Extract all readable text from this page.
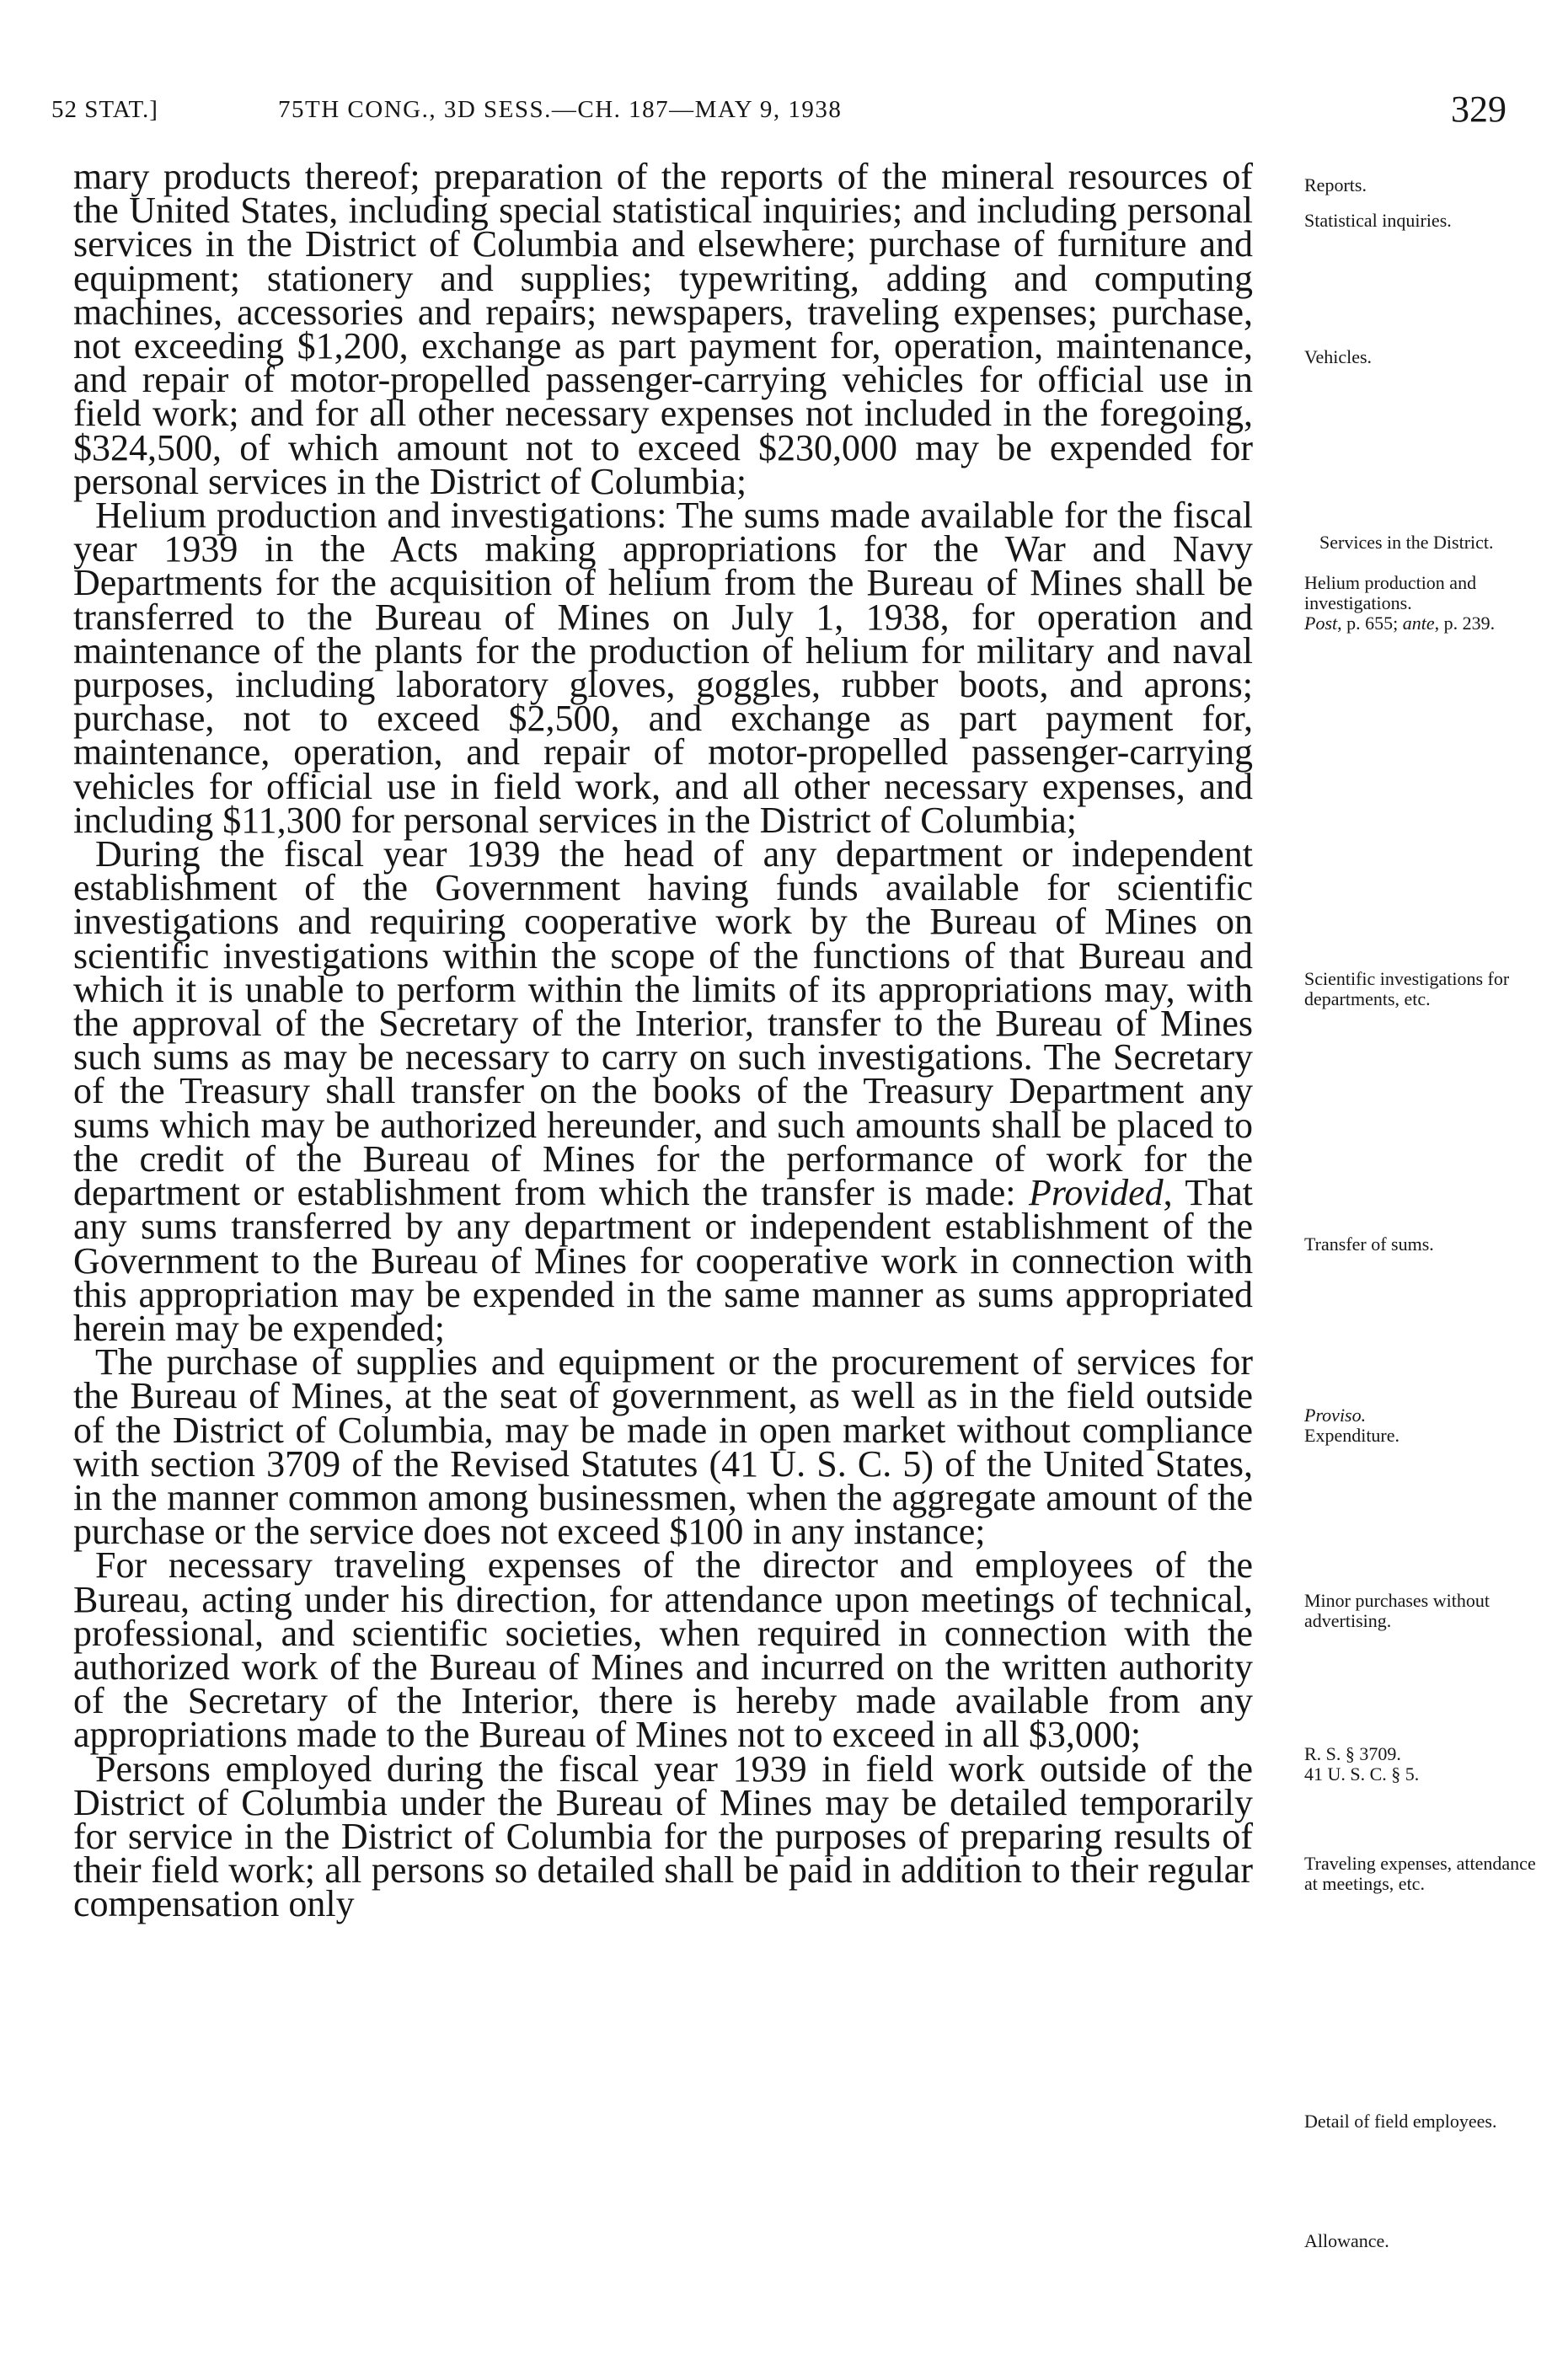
52 STAT.]	75TH CONG., 3D SESS.—CH. 187—MAY 9, 1938	329

mary products thereof; preparation of the reports of the mineral resources of the United States, including special statistical inquiries; and including personal services in the District of Columbia and elsewhere; purchase of furniture and equipment; stationery and supplies; typewriting, adding and computing machines, accessories and repairs; newspapers, traveling expenses; purchase, not exceeding $1,200, exchange as part payment for, operation, maintenance, and repair of motor-propelled passenger-carrying vehicles for official use in field work; and for all other necessary expenses not included in the foregoing, $324,500, of which amount not to exceed $230,000 may be expended for personal services in the District of Columbia;

Helium production and investigations: The sums made available for the fiscal year 1939 in the Acts making appropriations for the War and Navy Departments for the acquisition of helium from the Bureau of Mines shall be transferred to the Bureau of Mines on July 1, 1938, for operation and maintenance of the plants for the production of helium for military and naval purposes, including laboratory gloves, goggles, rubber boots, and aprons; purchase, not to exceed $2,500, and exchange as part payment for, maintenance, operation, and repair of motor-propelled passenger-carrying vehicles for official use in field work, and all other necessary expenses, and including $11,300 for personal services in the District of Columbia;

During the fiscal year 1939 the head of any department or independent establishment of the Government having funds available for scientific investigations and requiring cooperative work by the Bureau of Mines on scientific investigations within the scope of the functions of that Bureau and which it is unable to perform within the limits of its appropriations may, with the approval of the Secretary of the Interior, transfer to the Bureau of Mines such sums as may be necessary to carry on such investigations. The Secretary of the Treasury shall transfer on the books of the Treasury Department any sums which may be authorized hereunder, and such amounts shall be placed to the credit of the Bureau of Mines for the performance of work for the department or establishment from which the transfer is made: Provided, That any sums transferred by any department or independent establishment of the Government to the Bureau of Mines for cooperative work in connection with this appropriation may be expended in the same manner as sums appropriated herein may be expended;

The purchase of supplies and equipment or the procurement of services for the Bureau of Mines, at the seat of government, as well as in the field outside of the District of Columbia, may be made in open market without compliance with section 3709 of the Revised Statutes (41 U. S. C. 5) of the United States, in the manner common among businessmen, when the aggregate amount of the purchase or the service does not exceed $100 in any instance;

For necessary traveling expenses of the director and employees of the Bureau, acting under his direction, for attendance upon meetings of technical, professional, and scientific societies, when required in connection with the authorized work of the Bureau of Mines and incurred on the written authority of the Secretary of the Interior, there is hereby made available from any appropriations made to the Bureau of Mines not to exceed in all $3,000;

Persons employed during the fiscal year 1939 in field work outside of the District of Columbia under the Bureau of Mines may be detailed temporarily for service in the District of Columbia for the purposes of preparing results of their field work; all persons so detailed shall be paid in addition to their regular compensation only

Reports.
Statistical inquiries.
Vehicles.
Services in the District.
Helium production and investigations.
Post, p. 655; ante, p. 239.
Scientific investigations for departments, etc.
Transfer of sums.
Proviso.
Expenditure.
Minor purchases without advertising.
R. S. § 3709.
41 U. S. C. § 5.
Traveling expenses, attendance at meetings, etc.
Detail of field employees.
Allowance.
